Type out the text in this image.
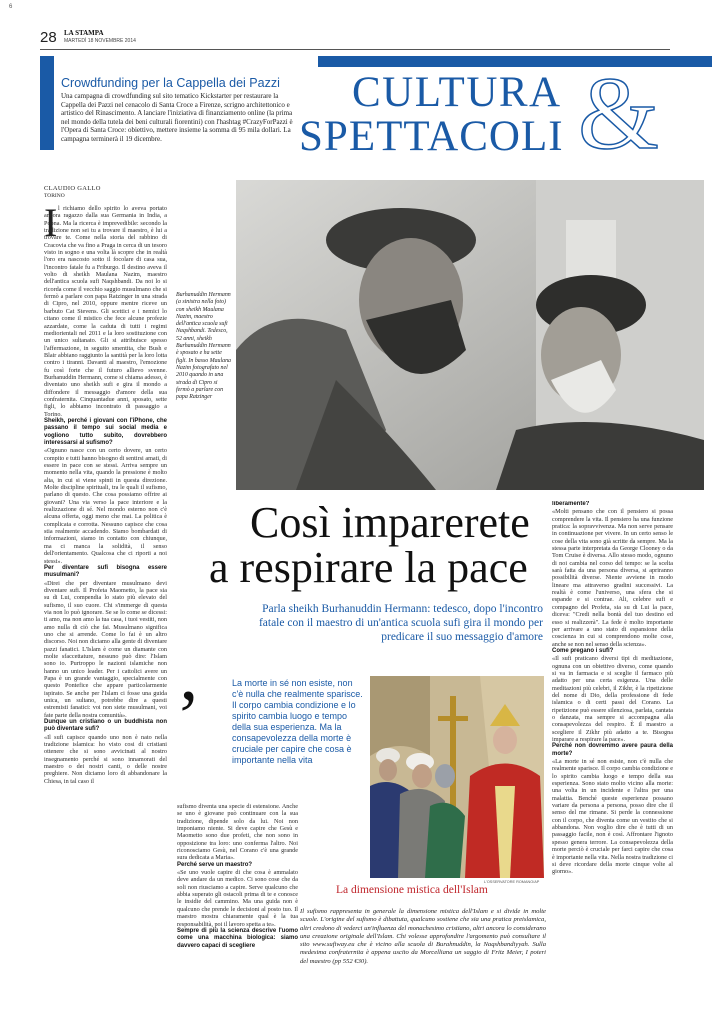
6
28 LA STAMPA
MARTEDÌ 18 NOVEMBRE 2014
Crowdfunding per la Cappella dei Pazzi
Una campagna di crowdfunding sul sito tematico Kickstarter per restaurare la Cappella dei Pazzi nel cenacolo di Santa Croce a Firenze, scrigno architettonico e artistico del Rinascimento. A lanciare l'iniziativa di finanziamento online (la prima nel mondo della tutela dei beni culturali fiorentini) con l'hashtag #CrazyForPazzi è l'Opera di Santa Croce: obiettivo, mettere insieme la somma di 95 mila dollari. La campagna terminerà il 19 dicembre.
CULTURA
SPETTACOLI &
CLAUDIO GALLO
TORINO
I l richiamo dello spirito lo aveva portato ancora ragazzo dalla sua Germania in India, a Poona. Ma la ricerca è imprevedibile: secondo la tradizione non sei tu a trovare il maestro, è lui a trovare te. Come nella storia del rabbino di Cracovia che va fino a Praga in cerca di un tesoro visto in sogno e una volta là scopre che in realtà l'oro era nascosto sotto il focolare di casa sua, l'incontro fatale fu a Friburgo. Il destino aveva il volto di sheikh Maulana Nazim, maestro dell'antica scuola sufi Naqshbandi. Da noi lo si ricorda come il vecchio saggio musulmano che si fermò a parlare con papa Ratzinger in una strada di Cipro, nel 2010, oppure mentre riceve un barbuto Cat Stevens. Gli scettici e i nemici lo citano come il mistico che fece alcune profezie azzardate, come la caduta di tutti i regimi mediorientali nel 2011 e la loro sostituzione con un unico sultanato. Gli si attribuisce spesso l'affermazione, in seguito smentita, che Bush e Blair abbiano raggiunto la santità per la loro lotta contro i tiranni. Davanti al maestro, l'emozione fu così forte che il futuro allievo svenne. Burhanuddin Hermann, come si chiama adesso, è diventato uno sheikh sufi e gira il mondo a diffondere il messaggio d'amore della sua confraternita. Cinquantadue anni, sposato, sette figli, lo abbiamo incontrato di passaggio a Torino.

Sheikh, perché i giovani con l'iPhone, che passano il tempo sui social media e vogliono tutto subito, dovrebbero interessarsi al sufismo?

«Ognuno nasce con un certo dovere, un certo compito e tutti hanno bisogno di sentirsi amati, di essere in pace con se stessi. Arriva sempre un momento nella vita, quando la pressione è molto alta, in cui si viene spinti in questa direzione. Molte discipline spirituali, tra le quali il sufismo, parlano di questo. Che cosa possiamo offrire ai giovani? Una via verso la pace interiore e la realizzazione di sé. Nel mondo esterno non c'è alcuna offerta, oggi meno che mai. La politica è complicata e corrotta. Nessuno capisce che cosa stia realmente accadendo. Siamo bombardati di informazioni, siamo in contatto con chiunque, ma ci manca la solidità, il senso dell'orientamento. Qualcosa che ci riporti a noi stessi».

Per diventare sufi bisogna essere musulmani?

«Direi che per diventare musulmano devi diventare sufi. Il Profeta Maometto, la pace sia su di Lui, compendia lo stato più elevato del sufismo, il suo cuore. Chi s'immerge di questa via non lo può ignorare. Se se lo come se dicessi: ti amo, ma non amo la tua casa, i tuoi vestiti, non amo nulla di ciò che fai. Musulmano significa uno che si arrende. Come lo fai è un altro discorso. Noi non diciamo alla gente di diventare pazzi fanatici. L'Islam è come un diamante con molte sfaccettature, nessuno può dire: l'Islam sono io. Purtroppo le nazioni islamiche non hanno un unico leader. Per i cattolici avere un Papa è un grande vantaggio, specialmente con questo Pontefice che appare particolarmente ispirato. Se anche per l'Islam ci fosse una guida unica, un sultano, potrebbe dire a questi estremisti fanatici: voi non siete musulmani, voi fate parte della nostra comunità».

Dunque un cristiano o un buddhista non può diventare sufi?

«Il sufi capisce quando uno non è nato nella tradizione islamica: ho visto cosi di cristiani ottenere che si sono avvicinati al nostro insegnamento perché si sono innamorati del maestro o dei nostri canti, o delle nostre preghiere. Non diciamo loro di abbandonare la Chiesa, in tal caso il

Burhanuddin Hermann (a sinistra nella foto) con sheikh Maulana Nazim, maestro dell'antica scuola sufi Naqshbandi. Tedesco, 52 anni, sheikh Burhanuddin Hermann è sposato e ha sette figli. In basso Maulana Nazim fotografato nel 2010 quando in una strada di Cipro si fermò a parlare con papa Ratzinger
Così imparerete
a respirare la pace
Parla sheikh Burhanuddin Hermann: tedesco, dopo l'incontro fatale con il maestro di un'antica scuola sufi gira il mondo per predicare il suo messaggio d'amore
‚	La morte in sé non esiste, non c'è nulla che realmente sparisce. Il corpo cambia condizione e lo spirito cambia luogo e tempo della sua esperienza. Ma la consapevolezza della morte è cruciale per capire che cosa è importante nella vita

sufismo diventa una specie di estensione. Anche se uno è giovane può continuare con la sua tradizione, dipende solo da lui. Noi non imponiamo niente. Si deve capire che Gesù e Maometto sono due profeti, che non sono in opposizione tra loro: uno conferma l'altro. Noi riconosciamo Gesù, nel Corano c'è una grande sura dedicata a Maria».

Perché serve un maestro?

«Se uno vuole capire di che cosa è ammalato deve andare da un medico. Ci sono cose che da soli non riusciamo a capire. Serve qualcuno che abbia superato gli ostacoli prima di te e conosce le insidie del cammino. Ma una guida non è qualcuno che prende le decisioni al posto tuo. Il maestro mostra chiaramente qual è la tua responsabilità, poi il lavoro spetta a te».

Sempre di più la scienza descrive l'uomo come una macchina biologica: siamo davvero capaci di scegliere

L'OSSERVATORE ROMANO/AP
La dimensione mistica dell'Islam
Il sufismo rappresenta in generale la dimensione mistica dell'Islam e si divide in molte scuole. L'origine del sufismo è dibattuta, qualcuno sostiene che sia una pratica preislamica, altri credono di vederci un'influenza del monachesimo cristiano, altri ancora lo considerano una creazione originale dell'Islam. Chi volesse approfondire l'argomento può consultare il sito www.sufiway.eu che è vicino alla scuola di Burahnuddin, la Naqshbandiyyah. Sulla medesima confraternita è appena uscito da Morcelliana un saggio di Fritz Meier, I poteri del maestro (pp 552 €30).

liberamente?

«Molti pensano che con il pensiero si possa comprendere la vita. Il pensiero ha una funzione pratica: la sopravvivenza. Ma non serve pensare in continuazione per vivere. In un certo senso le cose della vita sono già scritte da sempre. Ma la stessa parte interpretata da George Clooney o da Tom Cruise è diversa. Allo stesso modo, ognuno di noi cambia nel corso del tempo: se la scelta sarà fatta da una persona diversa, si apriranno possibilità diverse. Niente avviene in modo lineare ma attraverso gradini successivi. La realtà è come l'universo, una sfera che si espande e si contrae. Ali, celebre sufi e compagno del Profeta, sia su di Lui la pace, diceva: "Credi nella bontà del tuo destino ed esso si realizzerà". La fede è molto importante per arrivare a uno stato di espansione della coscienza in cui si comprendono molte cose, anche se non nel senso della scienza».

Come pregano i sufi?

«Il sufi praticano diversi tipi di meditazione, ognuna con un obiettivo diverso, come quando si va in farmacia e si sceglie il farmaco più adatto per una certa esigenza. Una delle meditazioni più celebri, il Zikhr, è la ripetizione del nome di Dio, della professione di fede islamica o di certi passi del Corano. La ripetizione può essere silenziosa, parlata, cantata o danzata, ma sempre si accompagna alla consapevolezza del respiro. È il maestro a scegliere il Zikhr più adatto a te. Bisogna imparare a respirare la pace».

Perché non dovremmo avere paura della morte?

«La morte in sé non esiste, non c'è nulla che realmente sparisce. Il corpo cambia condizione e lo spirito cambia luogo e tempo della sua esperienza. Sono stato molto vicino alla morte: una volta in un incidente e l'altra per una malattia. Benché queste esperienze possano variare da persona a persona, posso dire che il senso del me rimane. Si perde la connessione con il corpo, che diventa come un vestito che si abbandona. Non voglio dire che è tutti di un passaggio facile, non è così. Affrontare l'ignoto spesso genera terrore. La consapevolezza della morte perciò è cruciale per farci capire che cosa è importante nella vita. Nella nostra tradizione ci si deve ricordare della morte cinque volte al giorno».
